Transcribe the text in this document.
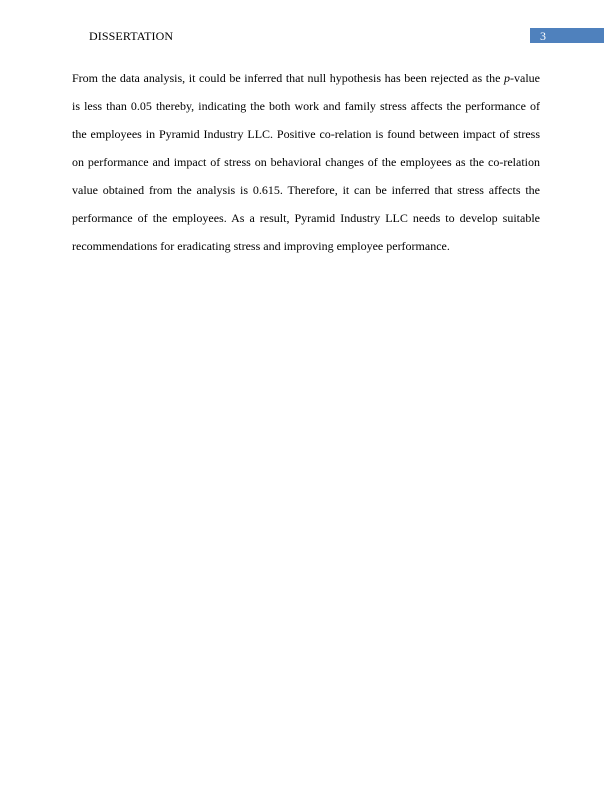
DISSERTATION	3

From the data analysis, it could be inferred that null hypothesis has been rejected as the p-value is less than 0.05 thereby, indicating the both work and family stress affects the performance of the employees in Pyramid Industry LLC. Positive co-relation is found between impact of stress on performance and impact of stress on behavioral changes of the employees as the co-relation value obtained from the analysis is 0.615. Therefore, it can be inferred that stress affects the performance of the employees. As a result, Pyramid Industry LLC needs to develop suitable recommendations for eradicating stress and improving employee performance.
